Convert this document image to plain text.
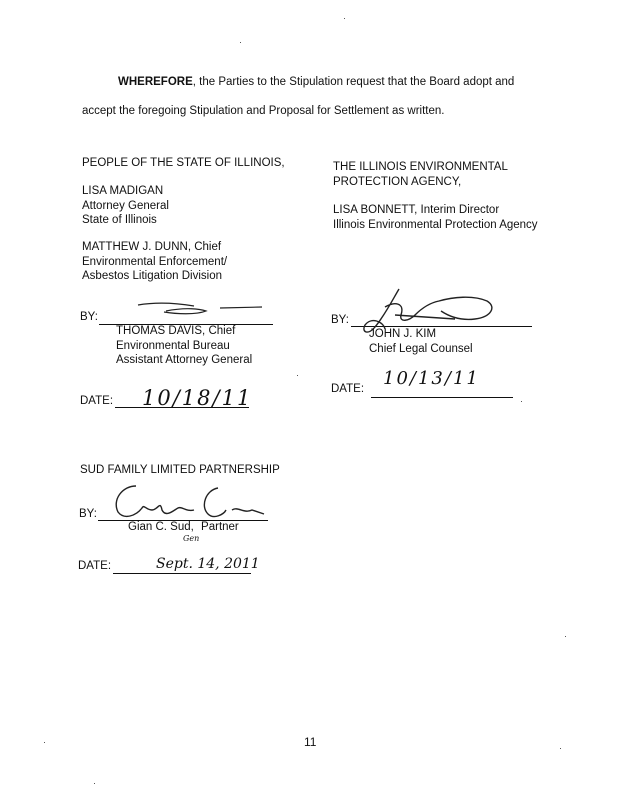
WHEREFORE, the Parties to the Stipulation request that the Board adopt and
accept the foregoing Stipulation and Proposal for Settlement as written.
PEOPLE OF THE STATE OF ILLINOIS,
LISA MADIGAN
Attorney General
State of Illinois
MATTHEW J. DUNN, Chief
Environmental Enforcement/
Asbestos Litigation Division
BY:
THOMAS DAVIS, Chief
Environmental Bureau
Assistant Attorney General
DATE: 10/18/11
THE ILLINOIS ENVIRONMENTAL
PROTECTION AGENCY,
LISA BONNETT, Interim Director
Illinois Environmental Protection Agency
BY:
JOHN J. KIM
Chief Legal Counsel
DATE: 10/13/11
SUD FAMILY LIMITED PARTNERSHIP
BY:
Gian C. Sud, Partner
Gen
DATE:	Sept. 14, 2011
11
